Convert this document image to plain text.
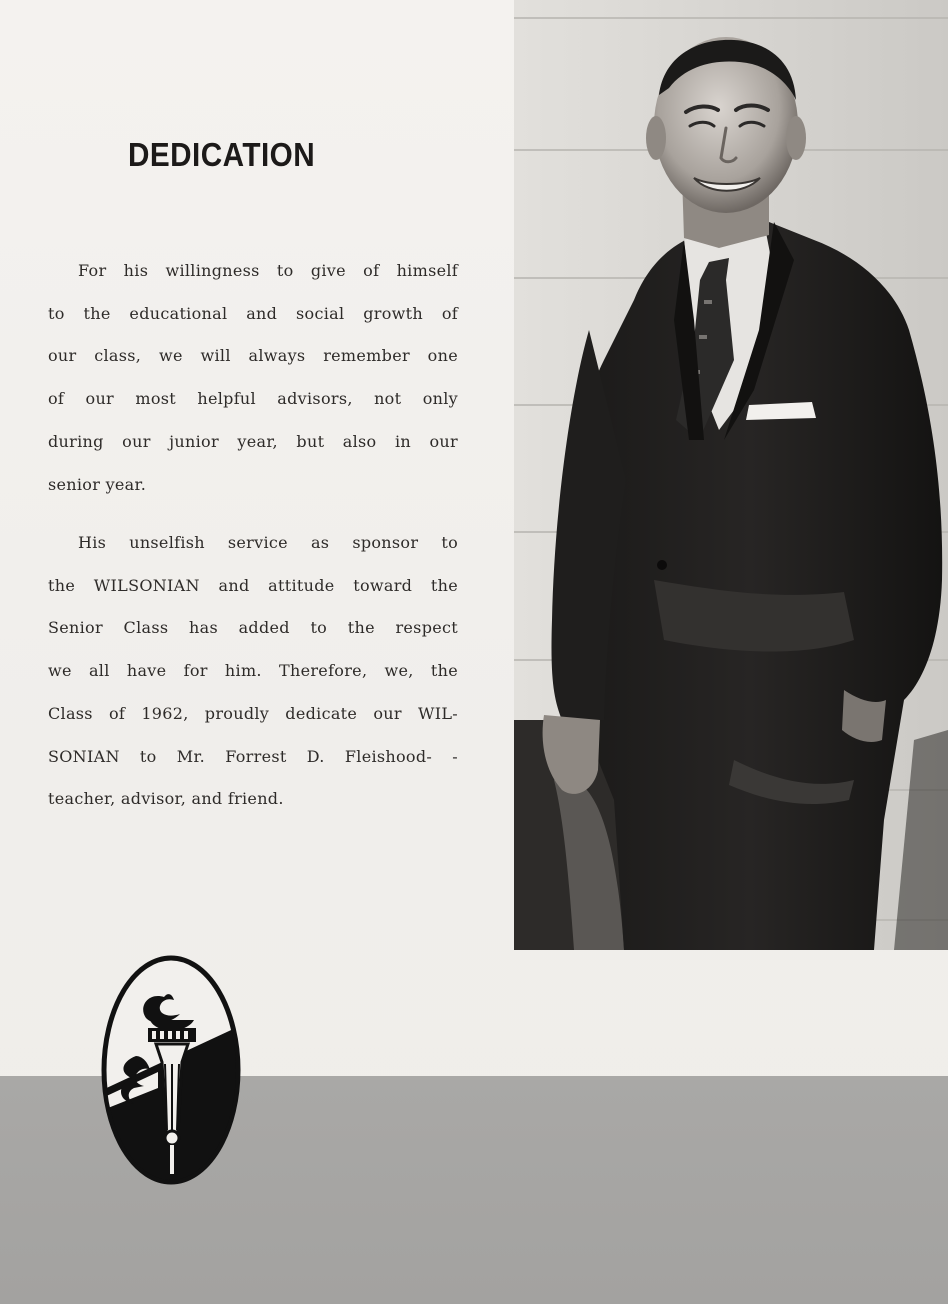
DEDICATION

For his willingness to give of himself
to the educational and social growth of
our class, we will always remember one
of our most helpful advisors, not only
during our junior year, but also in our
senior year.

His unselfish service as sponsor to
the WILSONIAN and attitude toward the
Senior Class has added to the respect
we all have for him. Therefore, we, the
Class of 1962, proudly dedicate our WIL-
SONIAN to Mr. Forrest D. Fleishood- -
teacher, advisor, and friend.
